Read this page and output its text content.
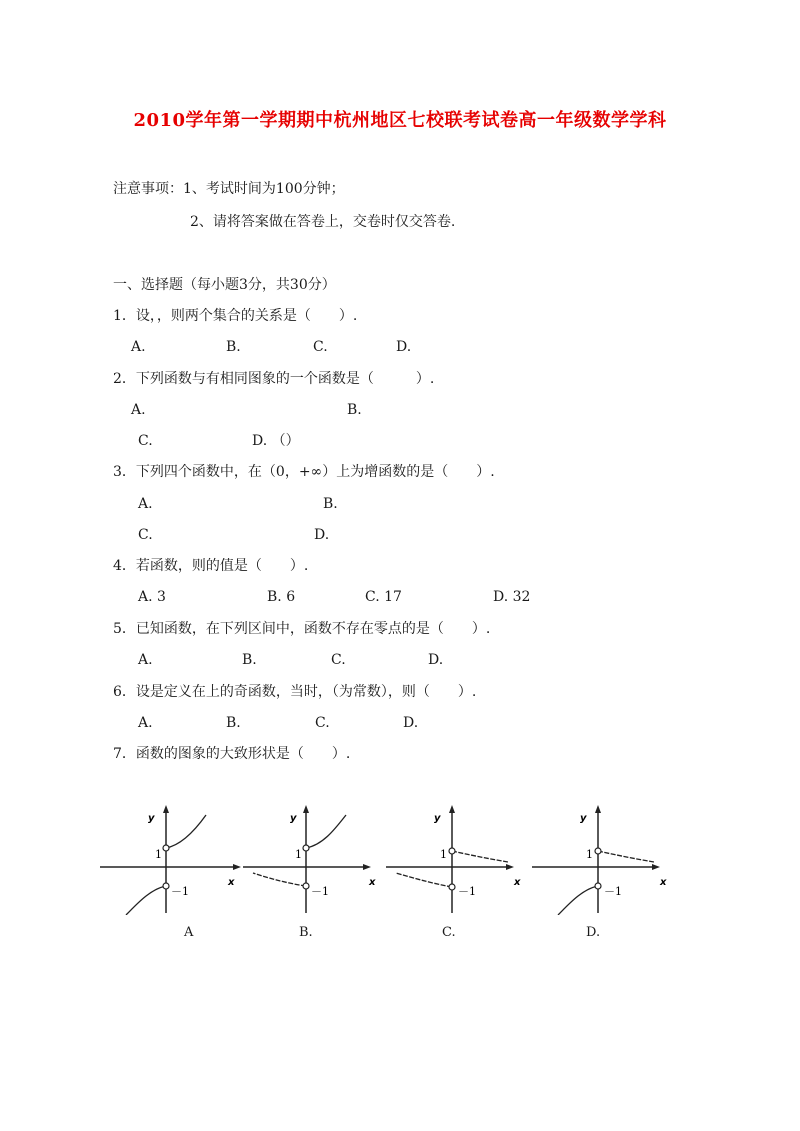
2010学年第一学期期中杭州地区七校联考试卷高一年级数学学科
注意事项：1、考试时间为100分钟；
2、请将答案做在答卷上，交卷时仅交答卷.
一、选择题（每小题3分，共30分）
1．设，，则两个集合的关系是（　　）.
A.	B.	C.	D.
2．下列函数与有相同图象的一个函数是（　　　）.
A.	B.
C.	D. （）
3．下列四个函数中，在（0，+∞）上为增函数的是（　　）.
A.	B.
C.	D.
4．若函数，则的值是（　　）.
A. 3	B. 6	C. 17	D. 32
5．已知函数，在下列区间中，函数不存在零点的是（　　）.
A.	B.	C.	D.
6．设是定义在上的奇函数，当时，（为常数），则（　　）.
A.	B.	C.	D.
7．函数的图象的大致形状是（　　）.
y
x
1
－1
A
y
x
1
－1
B.
y
x
1
－1
C.
y
x
1
－1
D.
